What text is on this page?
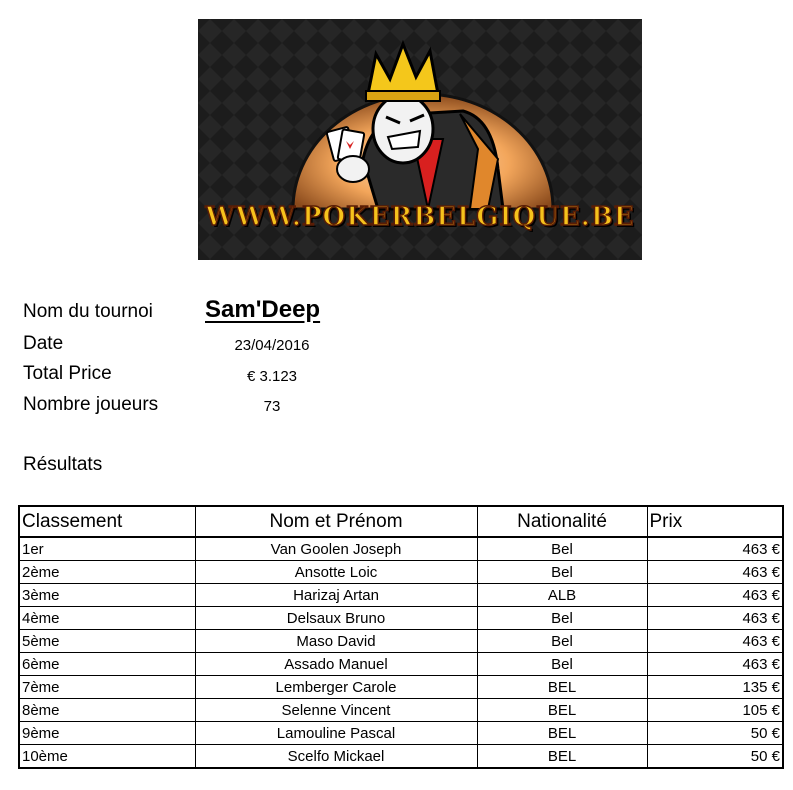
WWW.POKERBELGIQUE.BE
Nom du tournoi Sam'Deep
Date	23/04/2016
Total Price	€ 3.123
Nombre joueurs	73
Résultats
Classement	Nom et Prénom	Nationalité	Prix
1er	Van Goolen Joseph	Bel	463 €
2ème	Ansotte Loic	Bel	463 €
3ème	Harizaj Artan	ALB	463 €
4ème	Delsaux Bruno	Bel	463 €
5ème	Maso David	Bel	463 €
6ème	Assado Manuel	Bel	463 €
7ème	Lemberger Carole	BEL	135 €
8ème	Selenne Vincent	BEL	105 €
9ème	Lamouline Pascal	BEL	50 €
10ème	Scelfo Mickael	BEL	50 €
